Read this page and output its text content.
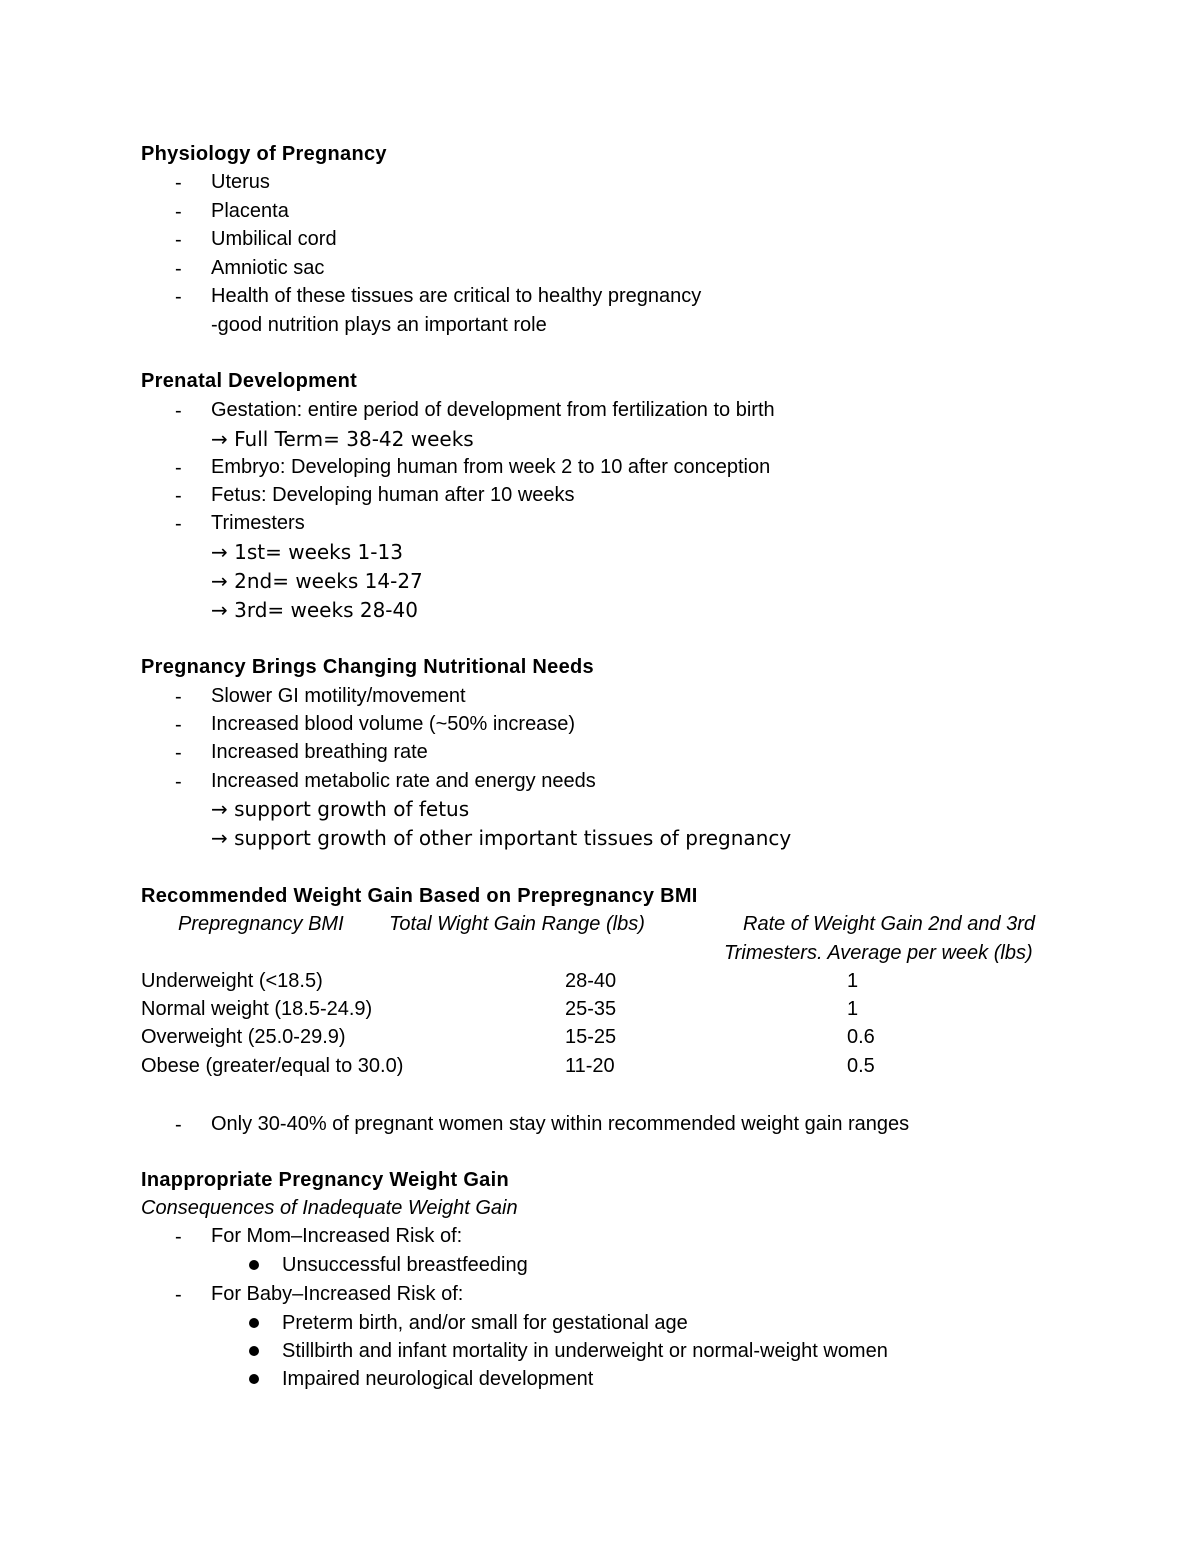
Physiology of Pregnancy
- Uterus
- Placenta
- Umbilical cord
- Amniotic sac
- Health of these tissues are critical to healthy pregnancy
-good nutrition plays an important role
Prenatal Development
- Gestation: entire period of development from fertilization to birth
→ Full Term= 38-42 weeks
- Embryo: Developing human from week 2 to 10 after conception
- Fetus: Developing human after 10 weeks
- Trimesters
→ 1st= weeks 1-13
→ 2nd= weeks 14-27
→ 3rd= weeks 28-40
Pregnancy Brings Changing Nutritional Needs
- Slower GI motility/movement
- Increased blood volume (~50% increase)
- Increased breathing rate
- Increased metabolic rate and energy needs
→ support growth of fetus
→ support growth of other important tissues of pregnancy
Recommended Weight Gain Based on Prepregnancy BMI
Prepregnancy BMI Total Wight Gain Range (lbs)	Rate of Weight Gain 2nd and 3rd
Trimesters. Average per week (lbs)
Underweight (<18.5)	28-40	1
Normal weight (18.5-24.9)	25-35	1
Overweight (25.0-29.9)	15-25	0.6
Obese (greater/equal to 30.0)	11-20	0.5
- Only 30-40% of pregnant women stay within recommended weight gain ranges
Inappropriate Pregnancy Weight Gain
Consequences of Inadequate Weight Gain
- For Mom–Increased Risk of:
Unsuccessful breastfeeding
- For Baby–Increased Risk of:
Preterm birth, and/or small for gestational age
Stillbirth and infant mortality in underweight or normal-weight women
Impaired neurological development
